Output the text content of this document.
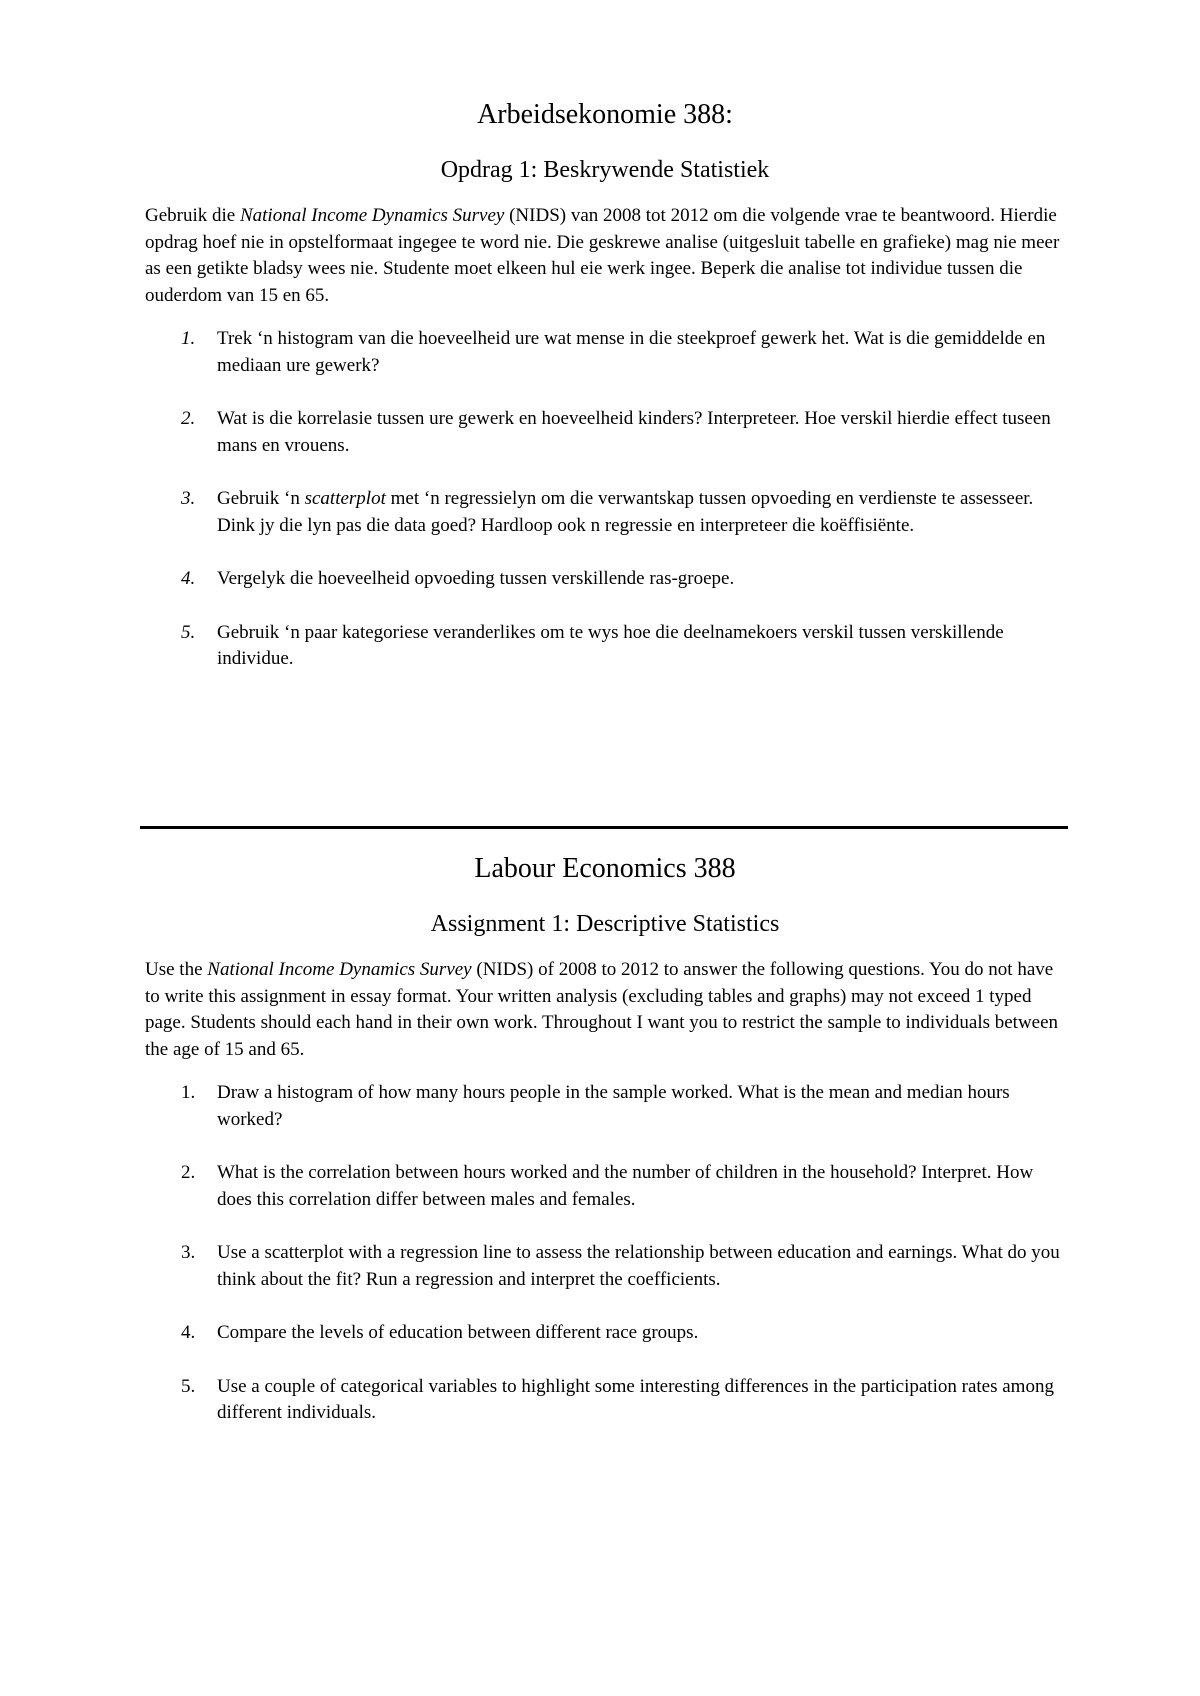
Arbeidsekonomie 388:
Opdrag 1: Beskrywende Statistiek

Gebruik die National Income Dynamics Survey (NIDS) van 2008 tot 2012 om die volgende vrae te beantwoord. Hierdie opdrag hoef nie in opstelformaat ingegee te word nie. Die geskrewe analise (uitgesluit tabelle en grafieke) mag nie meer as een getikte bladsy wees nie. Studente moet elkeen hul eie werk ingee. Beperk die analise tot individue tussen die ouderdom van 15 en 65.

1. Trek ‘n histogram van die hoeveelheid ure wat mense in die steekproef gewerk het. Wat is die gemiddelde en mediaan ure gewerk?
2. Wat is die korrelasie tussen ure gewerk en hoeveelheid kinders? Interpreteer. Hoe verskil hierdie effect tuseen mans en vrouens.
3. Gebruik ‘n scatterplot met ‘n regressielyn om die verwantskap tussen opvoeding en verdienste te assesseer. Dink jy die lyn pas die data goed? Hardloop ook n regressie en interpreteer die koëffisiënte.
4. Vergelyk die hoeveelheid opvoeding tussen verskillende ras-groepe.
5. Gebruik ‘n paar kategoriese veranderlikes om te wys hoe die deelnamekoers verskil tussen verskillende individue.
Labour Economics 388
Assignment 1: Descriptive Statistics

Use the National Income Dynamics Survey (NIDS) of 2008 to 2012 to answer the following questions. You do not have to write this assignment in essay format. Your written analysis (excluding tables and graphs) may not exceed 1 typed page. Students should each hand in their own work. Throughout I want you to restrict the sample to individuals between the age of 15 and 65.

1. Draw a histogram of how many hours people in the sample worked. What is the mean and median hours worked?
2. What is the correlation between hours worked and the number of children in the household? Interpret. How does this correlation differ between males and females.
3. Use a scatterplot with a regression line to assess the relationship between education and earnings. What do you think about the fit? Run a regression and interpret the coefficients.
4. Compare the levels of education between different race groups.
5. Use a couple of categorical variables to highlight some interesting differences in the participation rates among different individuals.
